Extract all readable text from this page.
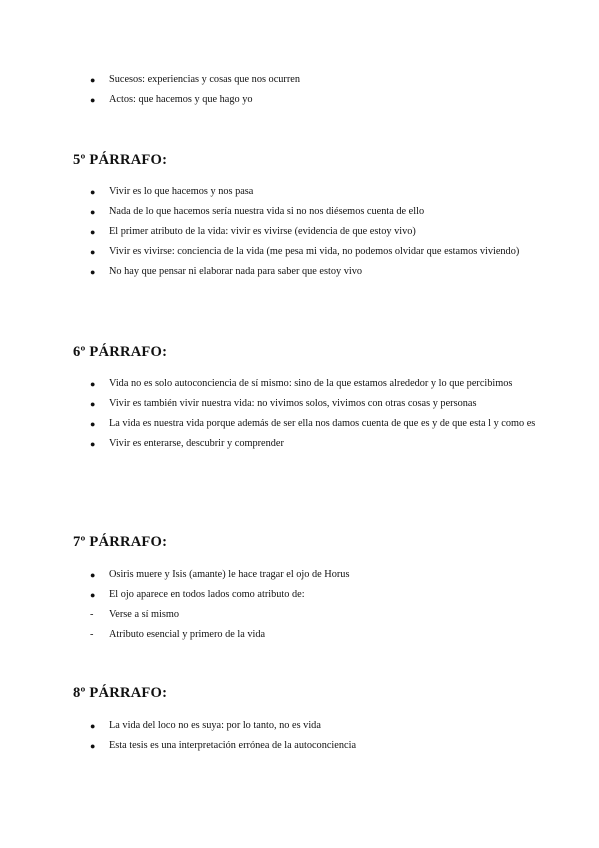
●	Sucesos: experiencias y cosas que nos ocurren
●	Actos: que hacemos y que hago yo
5º PÁRRAFO:
●	Vivir es lo que hacemos y nos pasa
●	Nada de lo que hacemos sería nuestra vida si no nos diésemos cuenta de ello
●	El primer atributo de la vida: vivir es vivirse (evidencia de que estoy vivo)
●	Vivir es vivirse: conciencia de la vida (me pesa mi vida, no podemos olvidar que estamos viviendo)
●	No hay que pensar ni elaborar nada para saber que estoy vivo
6º PÁRRAFO:
●	Vida no es solo autoconciencia de sí mismo: sino de la que estamos alrededor y lo que percibimos
●	Vivir es también vivir nuestra vida: no vivimos solos, vivimos con otras cosas y personas
●	La vida es nuestra vida porque además de ser ella nos damos cuenta de que es y de que esta l y como es
●	Vivir es enterarse, descubrir y comprender
7º PÁRRAFO:
●	Osiris muere y Isis (amante) le hace tragar el ojo de Horus
●	El ojo aparece en todos lados como atributo de:
-	Verse a sí mismo
-	Atributo esencial y primero de la vida
8º PÁRRAFO:
●	La vida del loco no es suya: por lo tanto, no es vida
●	Esta tesis es una interpretación errónea de la autoconciencia
